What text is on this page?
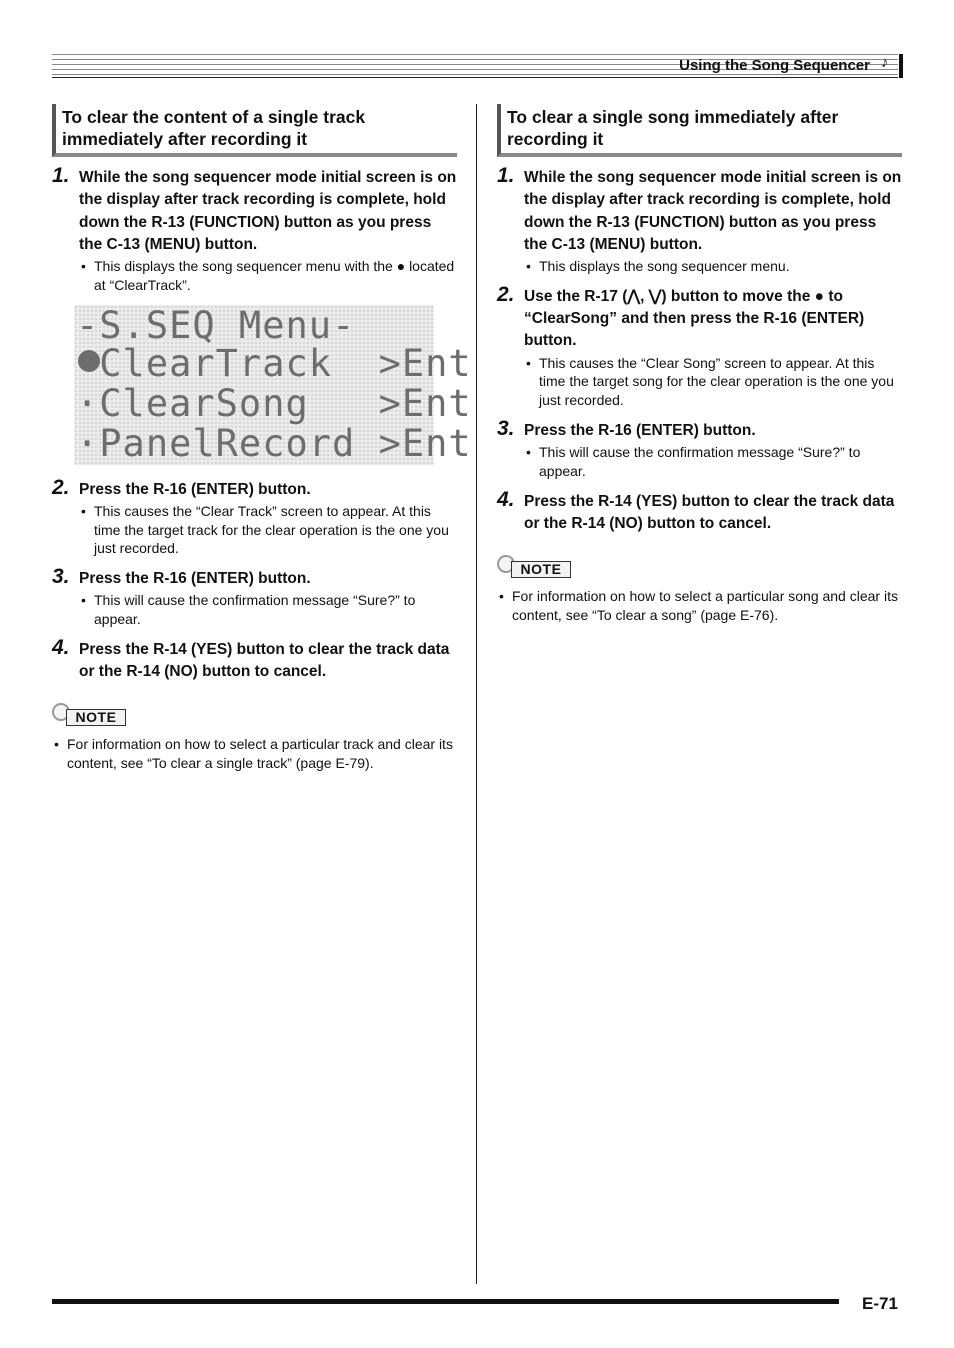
Using the Song Sequencer ♪
To clear the content of a single track immediately after recording it
1. While the song sequencer mode initial screen is on the display after track recording is complete, hold down the R-13 (FUNCTION) button as you press the C-13 (MENU) button.
• This displays the song sequencer menu with the ● located at “ClearTrack”.
-S.SEQ Menu-
ClearTrack  >Ent
·ClearSong   >Ent
·PanelRecord >Ent
2. Press the R-16 (ENTER) button.
• This causes the “Clear Track” screen to appear. At this time the target track for the clear operation is the one you just recorded.
3. Press the R-16 (ENTER) button.
• This will cause the confirmation message “Sure?” to appear.
4. Press the R-14 (YES) button to clear the track data or the R-14 (NO) button to cancel.
NOTE
• For information on how to select a particular track and clear its content, see “To clear a single track” (page E-79).
To clear a single song immediately after recording it
1. While the song sequencer mode initial screen is on the display after track recording is complete, hold down the R-13 (FUNCTION) button as you press the C-13 (MENU) button.
• This displays the song sequencer menu.
2. Use the R-17 (⋀, ⋁) button to move the ● to “ClearSong” and then press the R-16 (ENTER) button.
• This causes the “Clear Song” screen to appear. At this time the target song for the clear operation is the one you just recorded.
3. Press the R-16 (ENTER) button.
• This will cause the confirmation message “Sure?” to appear.
4. Press the R-14 (YES) button to clear the track data or the R-14 (NO) button to cancel.
NOTE
• For information on how to select a particular song and clear its content, see “To clear a song” (page E-76).
E-71
